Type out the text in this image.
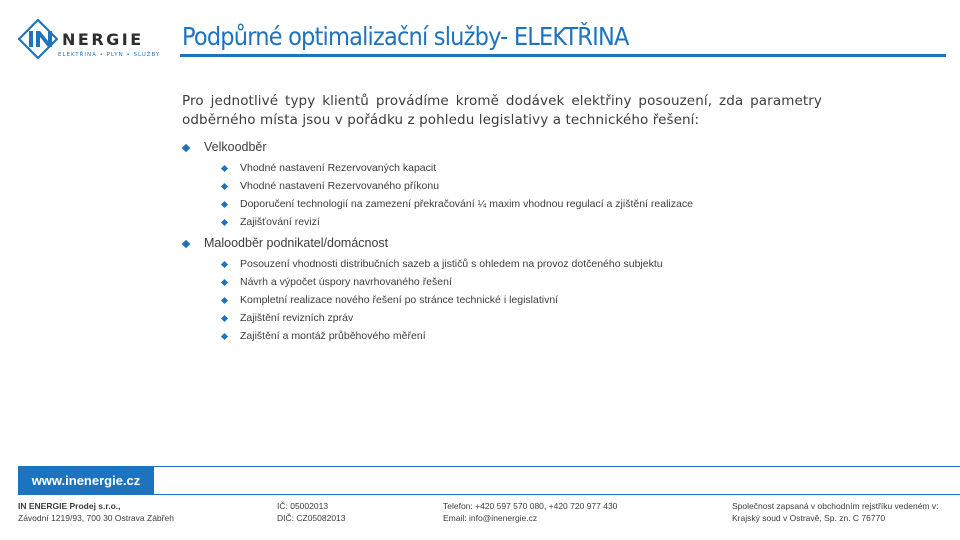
NERGIE
ELEKTŘINA • PLYN • SLUŽBY
Podpůrné optimalizační služby- ELEKTŘINA

Pro jednotlivé typy klientů provádíme kromě dodávek elektřiny posouzení, zda parametry odběrného místa jsou v pořádku z pohledu legislativy a technického řešení:

Velkoodběr
Vhodné nastavení Rezervovaných kapacit
Vhodné nastavení Rezervovaného příkonu
Doporučení technologií na zamezení překračování ¼ maxim vhodnou regulací a zjištění realizace
Zajišťování revizí
Maloodběr podnikatel/domácnost
Posouzení vhodnosti distribučních sazeb a jističů s ohledem na provoz dotčeného subjektu
Návrh a výpočet úspory navrhovaného řešení
Kompletní realizace nového řešení po stránce technické i legislativní
Zajištění revizních zpráv
Zajištění a montáž průběhového měření
www.inenergie.cz
IN ENERGIE Prodej s.r.o.,
Závodní 1219/93, 700 30 Ostrava Zábřeh
IČ: 05002013
DIČ: CZ05082013
Telefon: +420 597 570 080, +420 720 977 430
Email: info@inenergie.cz
Společnost zapsaná v obchodním rejstříku vedeném v:
Krajský soud v Ostravě, Sp. zn. C 76770
